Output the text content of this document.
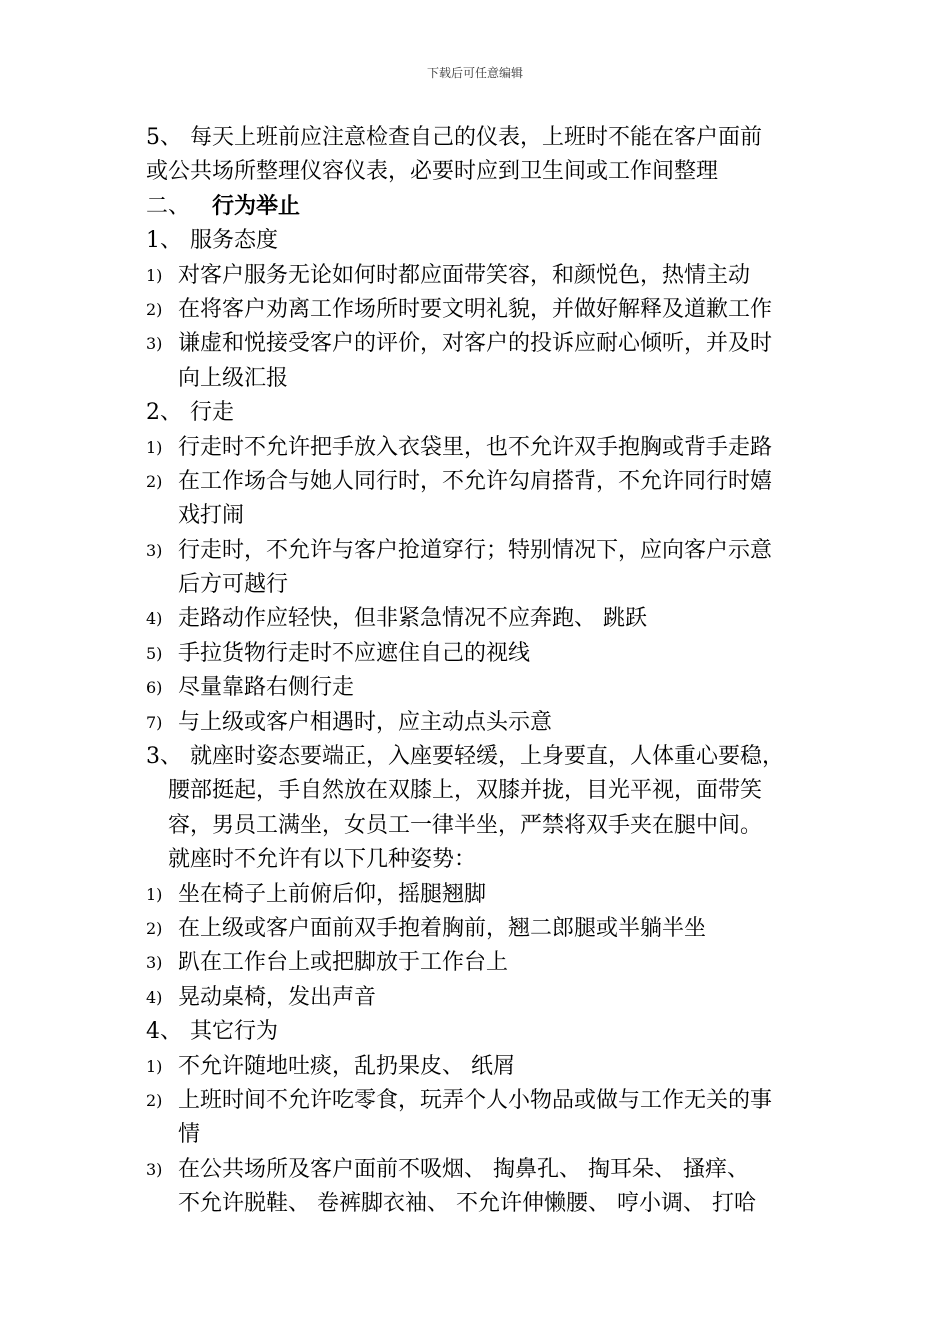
下载后可任意编辑
5、 每天上班前应注意检查自己的仪表，上班时不能在客户面前
或公共场所整理仪容仪表，必要时应到卫生间或工作间整理
二、 行为举止
1、 服务态度
1) 对客户服务无论如何时都应面带笑容，和颜悦色，热情主动
2) 在将客户劝离工作场所时要文明礼貌，并做好解释及道歉工作
3) 谦虚和悦接受客户的评价，对客户的投诉应耐心倾听，并及时
向上级汇报
2、 行走
1) 行走时不允许把手放入衣袋里，也不允许双手抱胸或背手走路
2) 在工作场合与她人同行时，不允许勾肩搭背，不允许同行时嬉
戏打闹
3) 行走时，不允许与客户抢道穿行；特别情况下，应向客户示意
后方可越行
4) 走路动作应轻快，但非紧急情况不应奔跑、 跳跃
5) 手拉货物行走时不应遮住自己的视线
6) 尽量靠路右侧行走
7) 与上级或客户相遇时，应主动点头示意
3、 就座时姿态要端正，入座要轻缓，上身要直，人体重心要稳，
腰部挺起，手自然放在双膝上，双膝并拢，目光平视，面带笑
容，男员工满坐，女员工一律半坐，严禁将双手夹在腿中间。
就座时不允许有以下几种姿势：
1) 坐在椅子上前俯后仰，摇腿翘脚
2) 在上级或客户面前双手抱着胸前，翘二郎腿或半躺半坐
3) 趴在工作台上或把脚放于工作台上
4) 晃动桌椅，发出声音
4、 其它行为
1) 不允许随地吐痰，乱扔果皮、 纸屑
2) 上班时间不允许吃零食，玩弄个人小物品或做与工作无关的事
情
3) 在公共场所及客户面前不吸烟、 掏鼻孔、 掏耳朵、 搔痒、
不允许脱鞋、 卷裤脚衣袖、 不允许伸懒腰、 哼小调、 打哈
